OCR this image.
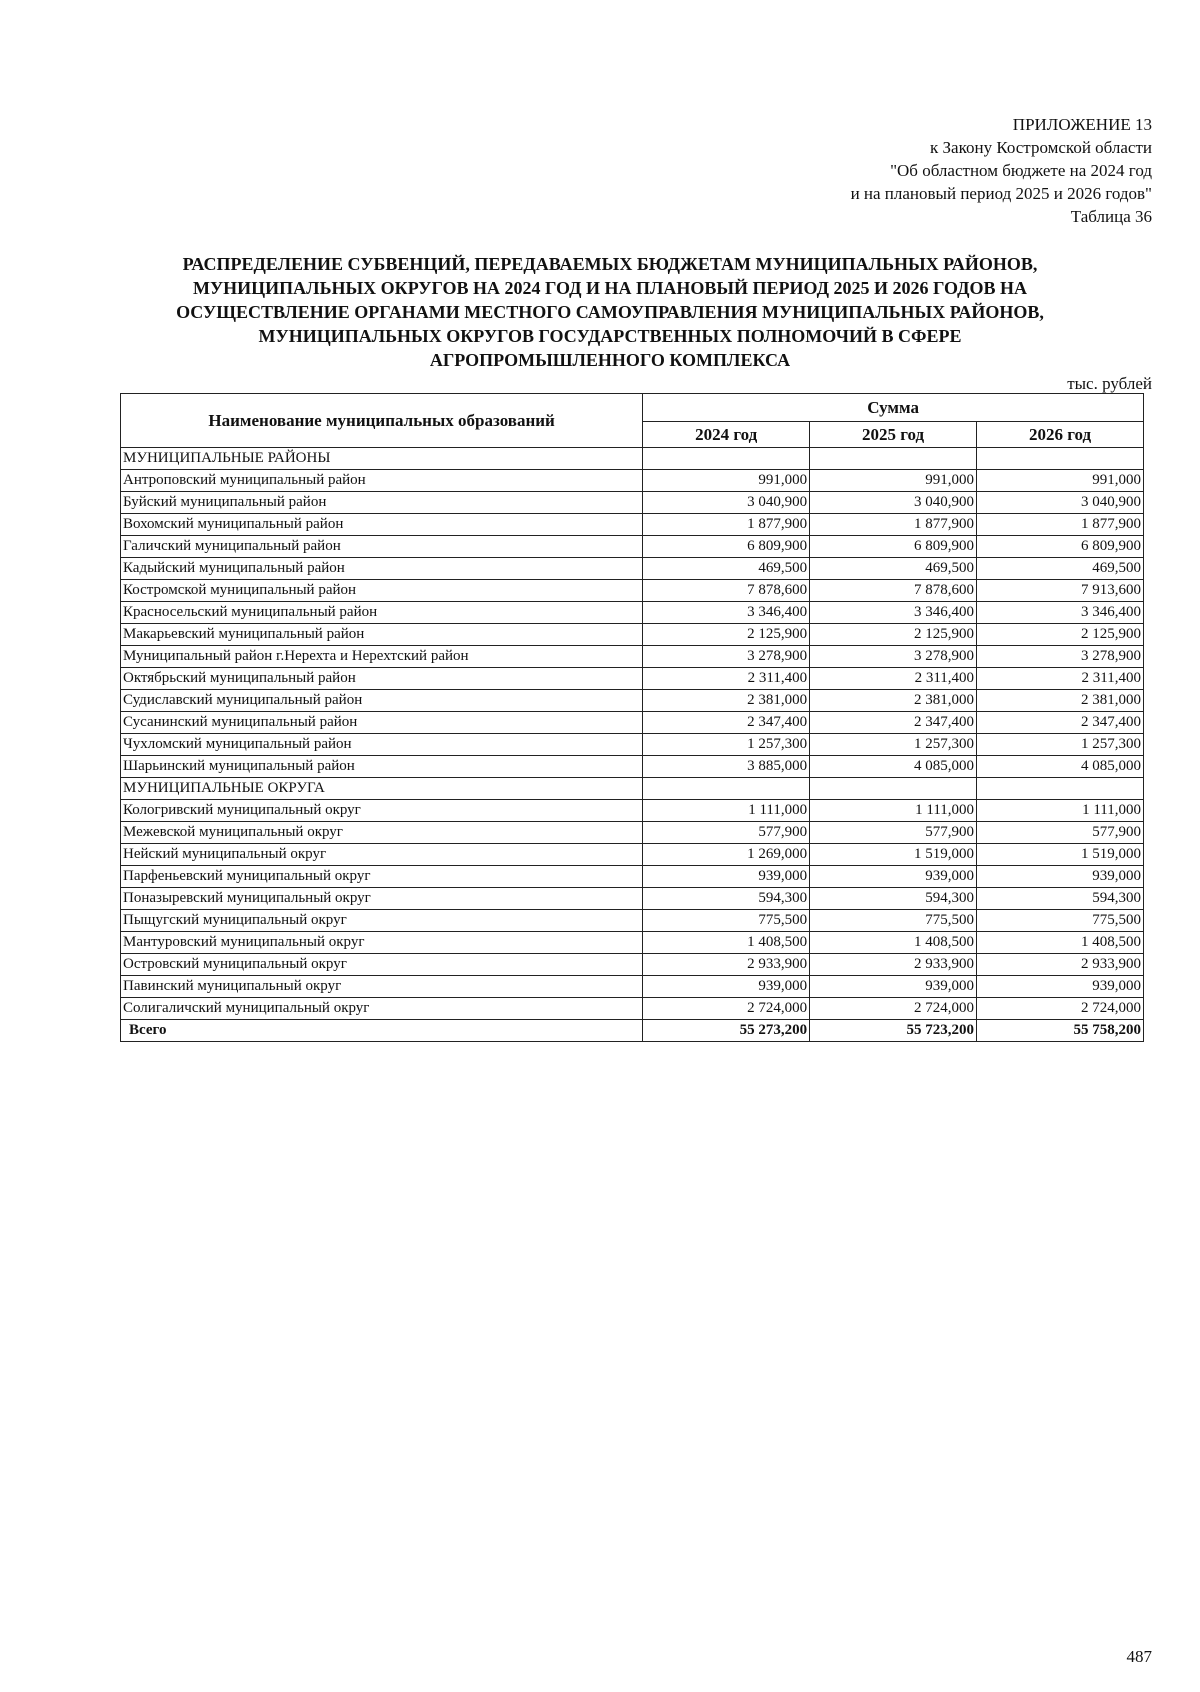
ПРИЛОЖЕНИЕ 13
к Закону Костромской области
"Об областном бюджете на 2024 год
и на плановый период 2025 и 2026 годов"
Таблица 36
РАСПРЕДЕЛЕНИЕ СУБВЕНЦИЙ, ПЕРЕДАВАЕМЫХ БЮДЖЕТАМ МУНИЦИПАЛЬНЫХ РАЙОНОВ,
МУНИЦИПАЛЬНЫХ ОКРУГОВ НА 2024 ГОД И НА ПЛАНОВЫЙ ПЕРИОД 2025 И 2026 ГОДОВ НА
ОСУЩЕСТВЛЕНИЕ ОРГАНАМИ МЕСТНОГО САМОУПРАВЛЕНИЯ МУНИЦИПАЛЬНЫХ РАЙОНОВ,
МУНИЦИПАЛЬНЫХ ОКРУГОВ ГОСУДАРСТВЕННЫХ ПОЛНОМОЧИЙ В СФЕРЕ
АГРОПРОМЫШЛЕННОГО КОМПЛЕКСА
тыс. рублей
Наименование муниципальных образований	Сумма		
	2024 год	2025 год	2026 год
МУНИЦИПАЛЬНЫЕ РАЙОНЫ			
Антроповский муниципальный район	991,000	991,000	991,000
Буйский муниципальный район	3 040,900	3 040,900	3 040,900
Вохомский муниципальный район	1 877,900	1 877,900	1 877,900
Галичский муниципальный район	6 809,900	6 809,900	6 809,900
Кадыйский муниципальный район	469,500	469,500	469,500
Костромской муниципальный район	7 878,600	7 878,600	7 913,600
Красносельский муниципальный район	3 346,400	3 346,400	3 346,400
Макарьевский муниципальный район	2 125,900	2 125,900	2 125,900
Муниципальный район г.Нерехта и Нерехтский район	3 278,900	3 278,900	3 278,900
Октябрьский муниципальный район	2 311,400	2 311,400	2 311,400
Судиславский муниципальный район	2 381,000	2 381,000	2 381,000
Сусанинский муниципальный район	2 347,400	2 347,400	2 347,400
Чухломский муниципальный район	1 257,300	1 257,300	1 257,300
Шарьинский муниципальный район	3 885,000	4 085,000	4 085,000
МУНИЦИПАЛЬНЫЕ ОКРУГА			
Кологривский муниципальный округ	1 111,000	1 111,000	1 111,000
Межевской муниципальный округ	577,900	577,900	577,900
Нейский муниципальный округ	1 269,000	1 519,000	1 519,000
Парфеньевский муниципальный округ	939,000	939,000	939,000
Поназыревский муниципальный округ	594,300	594,300	594,300
Пыщугский муниципальный округ	775,500	775,500	775,500
Мантуровский муниципальный округ	1 408,500	1 408,500	1 408,500
Островский муниципальный округ	2 933,900	2 933,900	2 933,900
Павинский муниципальный округ	939,000	939,000	939,000
Солигаличский муниципальный округ	2 724,000	2 724,000	2 724,000
Всего	55 273,200	55 723,200	55 758,200
487
